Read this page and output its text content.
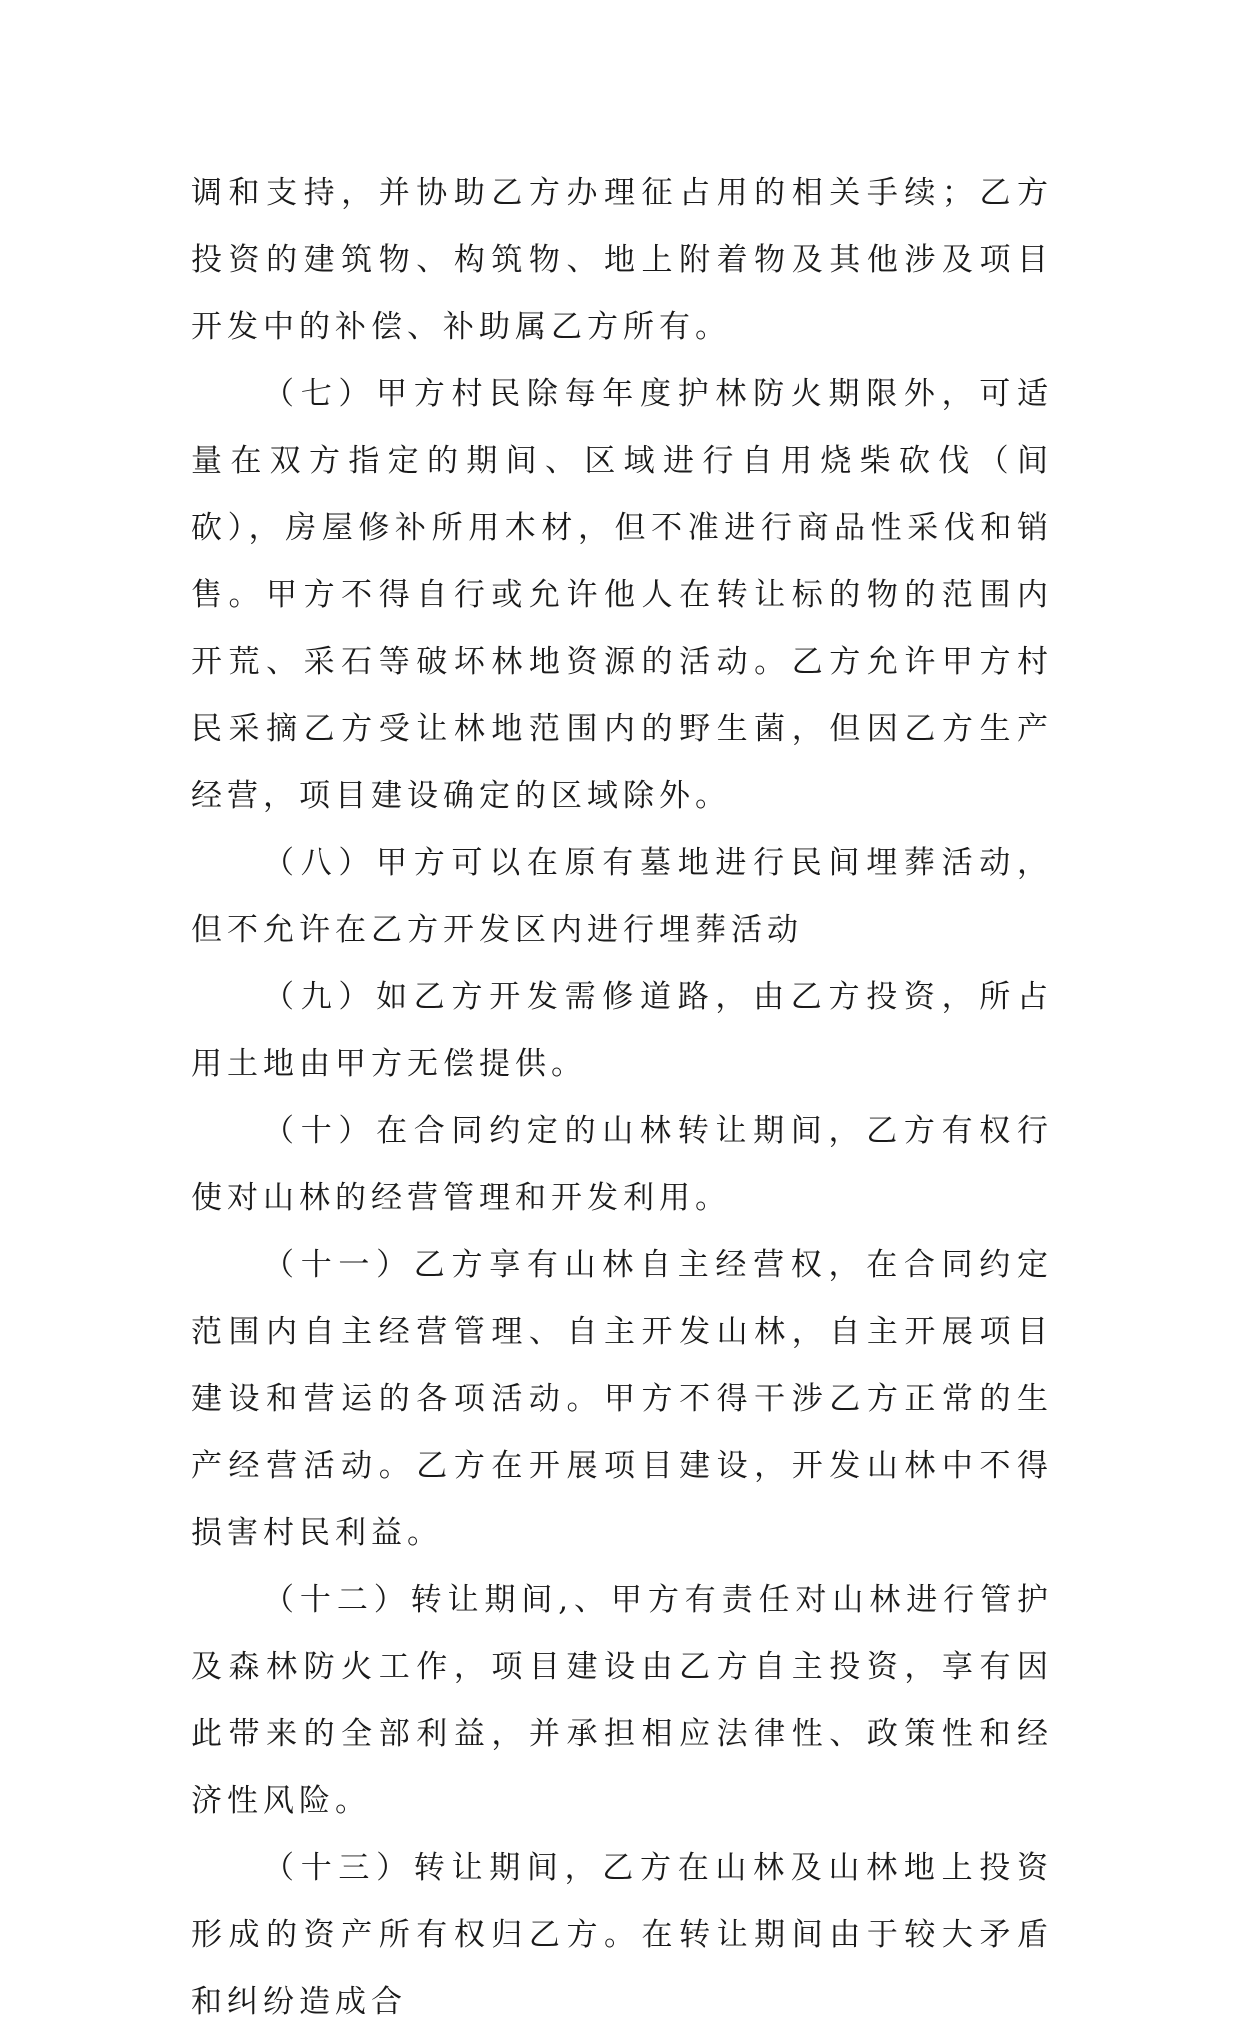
调和支持，并协助乙方办理征占用的相关手续；乙方投资的建筑物、构筑物、地上附着物及其他涉及项目开发中的补偿、补助属乙方所有。

（七）甲方村民除每年度护林防火期限外，可适量在双方指定的期间、区域进行自用烧柴砍伐（间砍），房屋修补所用木材，但不准进行商品性采伐和销售。甲方不得自行或允许他人在转让标的物的范围内开荒、采石等破坏林地资源的活动。乙方允许甲方村民采摘乙方受让林地范围内的野生菌，但因乙方生产经营，项目建设确定的区域除外。

（八）甲方可以在原有墓地进行民间埋葬活动，但不允许在乙方开发区内进行埋葬活动

（九）如乙方开发需修道路，由乙方投资，所占用土地由甲方无偿提供。

（十）在合同约定的山林转让期间，乙方有权行使对山林的经营管理和开发利用。

（十一）乙方享有山林自主经营权，在合同约定范围内自主经营管理、自主开发山林，自主开展项目建设和营运的各项活动。甲方不得干涉乙方正常的生产经营活动。乙方在开展项目建设，开发山林中不得损害村民利益。

（十二）转让期间,、甲方有责任对山林进行管护及森林防火工作，项目建设由乙方自主投资，享有因此带来的全部利益，并承担相应法律性、政策性和经济性风险。

（十三）转让期间，乙方在山林及山林地上投资形成的资产所有权归乙方。在转让期间由于较大矛盾和纠纷造成合
